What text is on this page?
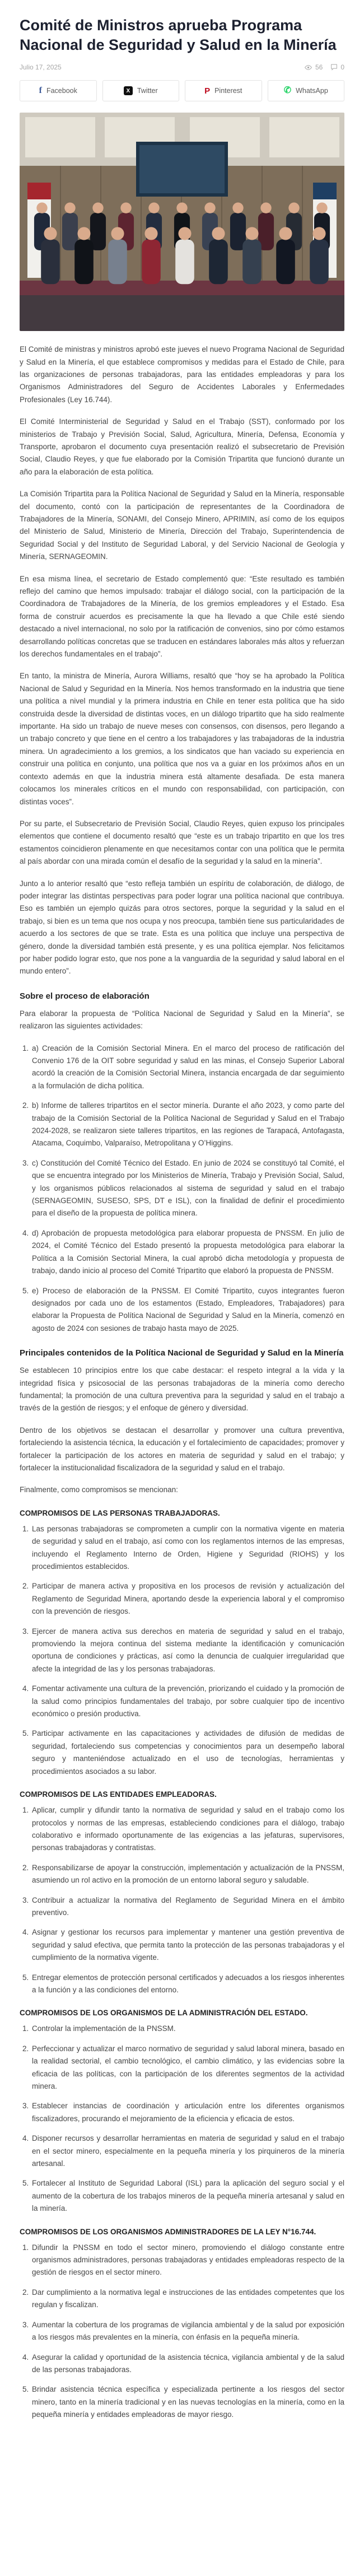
Comité de Ministros aprueba Programa Nacional de Seguridad y Salud en la Minería
Julio 17, 2025	56	0
f Facebook	X	Twitter	P Pinterest	✆ WhatsApp

El Comité de ministras y ministros aprobó este jueves el nuevo Programa Nacional de Seguridad y Salud en la Minería, el que establece compromisos y medidas para el Estado de Chile, para las organizaciones de personas trabajadoras, para las entidades empleadoras y para los Organismos Administradores del Seguro de Accidentes Laborales y Enfermedades Profesionales (Ley 16.744).

El Comité Interministerial de Seguridad y Salud en el Trabajo (SST), conformado por los ministerios de Trabajo y Previsión Social, Salud, Agricultura, Minería, Defensa, Economía y Transporte, aprobaron el documento cuya presentación realizó el subsecretario de Previsión Social, Claudio Reyes, y que fue elaborado por la Comisión Tripartita que funcionó durante un año para la elaboración de esta política.

La Comisión Tripartita para la Política Nacional de Seguridad y Salud en la Minería, responsable del documento, contó con la participación de representantes de la Coordinadora de Trabajadores de la Minería, SONAMI, del Consejo Minero, APRIMIN, así como de los equipos del Ministerio de Salud, Ministerio de Minería, Dirección del Trabajo, Superintendencia de Seguridad Social y del Instituto de Seguridad Laboral, y del Servicio Nacional de Geología y Minería, SERNAGEOMIN.

En esa misma línea, el secretario de Estado complementó que: “Este resultado es también reflejo del camino que hemos impulsado: trabajar el diálogo social, con la participación de la Coordinadora de Trabajadores de la Minería, de los gremios empleadores y el Estado. Esa forma de construir acuerdos es precisamente la que ha llevado a que Chile esté siendo destacado a nivel internacional, no solo por la ratificación de convenios, sino por cómo estamos desarrollando políticas concretas que se traducen en estándares laborales más altos y refuerzan los derechos fundamentales en el trabajo”.

En tanto, la ministra de Minería, Aurora Williams, resaltó que “hoy se ha aprobado la Política Nacional de Salud y Seguridad en la Minería. Nos hemos transformado en la industria que tiene una política a nivel mundial y la primera industria en Chile en tener esta política que ha sido construida desde la diversidad de distintas voces, en un diálogo tripartito que ha sido realmente importante. Ha sido un trabajo de nueve meses con consensos, con disensos, pero llegando a un trabajo concreto y que tiene en el centro a los trabajadores y las trabajadoras de la industria minera. Un agradecimiento a los gremios, a los sindicatos que han vaciado su experiencia en construir una política en conjunto, una política que nos va a guiar en los próximos años en un contexto además en que la industria minera está altamente desafiada. De esta manera colocamos los minerales críticos en el mundo con responsabilidad, con participación, con distintas voces”.

Por su parte, el Subsecretario de Previsión Social, Claudio Reyes, quien expuso los principales elementos que contiene el documento resaltó que “este es un trabajo tripartito en que los tres estamentos coincidieron plenamente en que necesitamos contar con una política que le permita al país abordar con una mirada común el desafío de la seguridad y la salud en la minería”.

Junto a lo anterior resaltó que “esto refleja también un espíritu de colaboración, de diálogo, de poder integrar las distintas perspectivas para poder lograr una política nacional que contribuya. Eso es también un ejemplo quizás para otros sectores, porque la seguridad y la salud en el trabajo, si bien es un tema que nos ocupa y nos preocupa, también tiene sus particularidades de acuerdo a los sectores de que se trate. Esta es una política que incluye una perspectiva de género, donde la diversidad también está presente, y es una política ejemplar. Nos felicitamos por haber podido lograr esto, que nos pone a la vanguardia de la seguridad y salud laboral en el mundo entero”.

Sobre el proceso de elaboración

Para elaborar la propuesta de “Política Nacional de Seguridad y Salud en la Minería”, se realizaron las siguientes actividades:

1. a) Creación de la Comisión Sectorial Minera. En el marco del proceso de ratificación del Convenio 176 de la OIT sobre seguridad y salud en las minas, el Consejo Superior Laboral acordó la creación de la Comisión Sectorial Minera, instancia encargada de dar seguimiento a la formulación de dicha política.
2. b) Informe de talleres tripartitos en el sector minería. Durante el año 2023, y como parte del trabajo de la Comisión Sectorial de la Política Nacional de Seguridad y Salud en el Trabajo 2024-2028, se realizaron siete talleres tripartitos, en las regiones de Tarapacá, Antofagasta, Atacama, Coquimbo, Valparaíso, Metropolitana y O’Higgins.
3. c) Constitución del Comité Técnico del Estado. En junio de 2024 se constituyó tal Comité, el que se encuentra integrado por los Ministerios de Minería, Trabajo y Previsión Social, Salud, y los organismos públicos relacionados al sistema de seguridad y salud en el trabajo (SERNAGEOMIN, SUSESO, SPS, DT e ISL), con la finalidad de definir el procedimiento para el diseño de la propuesta de política minera.
4. d) Aprobación de propuesta metodológica para elaborar propuesta de PNSSM. En julio de 2024, el Comité Técnico del Estado presentó la propuesta metodológica para elaborar la Política a la Comisión Sectorial Minera, la cual aprobó dicha metodología y propuesta de trabajo, dando inicio al proceso del Comité Tripartito que elaboró la propuesta de PNSSM.
5. e) Proceso de elaboración de la PNSSM. El Comité Tripartito, cuyos integrantes fueron designados por cada uno de los estamentos (Estado, Empleadores, Trabajadores) para elaborar la Propuesta de Política Nacional de Seguridad y Salud en la Minería, comenzó en agosto de 2024 con sesiones de trabajo hasta mayo de 2025.
Principales contenidos de la Política Nacional de Seguridad y Salud en la Minería

Se establecen 10 principios entre los que cabe destacar: el respeto integral a la vida y la integridad física y psicosocial de las personas trabajadoras de la minería como derecho fundamental; la promoción de una cultura preventiva para la seguridad y salud en el trabajo a través de la gestión de riesgos; y el enfoque de género y diversidad.

Dentro de los objetivos se destacan el desarrollar y promover una cultura preventiva, fortaleciendo la asistencia técnica, la educación y el fortalecimiento de capacidades; promover y fortalecer la participación de los actores en materia de seguridad y salud en el trabajo; y fortalecer la institucionalidad fiscalizadora de la seguridad y salud en el trabajo.

Finalmente, como compromisos se mencionan:

COMPROMISOS DE LAS PERSONAS TRABAJADORAS.
1. Las personas trabajadoras se comprometen a cumplir con la normativa vigente en materia de seguridad y salud en el trabajo, así como con los reglamentos internos de las empresas, incluyendo el Reglamento Interno de Orden, Higiene y Seguridad (RIOHS) y los procedimientos establecidos.
2. Participar de manera activa y propositiva en los procesos de revisión y actualización del Reglamento de Seguridad Minera, aportando desde la experiencia laboral y el compromiso con la prevención de riesgos.
3. Ejercer de manera activa sus derechos en materia de seguridad y salud en el trabajo, promoviendo la mejora continua del sistema mediante la identificación y comunicación oportuna de condiciones y prácticas, así como la denuncia de cualquier irregularidad que afecte la integridad de las y los personas trabajadoras.
4. Fomentar activamente una cultura de la prevención, priorizando el cuidado y la promoción de la salud como principios fundamentales del trabajo, por sobre cualquier tipo de incentivo económico o presión productiva.
5. Participar activamente en las capacitaciones y actividades de difusión de medidas de seguridad, fortaleciendo sus competencias y conocimientos para un desempeño laboral seguro y manteniéndose actualizado en el uso de tecnologías, herramientas y procedimientos asociados a su labor.
COMPROMISOS DE LAS ENTIDADES EMPLEADORAS.
1. Aplicar, cumplir y difundir tanto la normativa de seguridad y salud en el trabajo como los protocolos y normas de las empresas, estableciendo condiciones para el diálogo, trabajo colaborativo e informado oportunamente de las exigencias a las jefaturas, supervisores, personas trabajadoras y contratistas.
2. Responsabilizarse de apoyar la construcción, implementación y actualización de la PNSSM, asumiendo un rol activo en la promoción de un entorno laboral seguro y saludable.
3. Contribuir a actualizar la normativa del Reglamento de Seguridad Minera en el ámbito preventivo.
4. Asignar y gestionar los recursos para implementar y mantener una gestión preventiva de seguridad y salud efectiva, que permita tanto la protección de las personas trabajadoras y el cumplimiento de la normativa vigente.
5. Entregar elementos de protección personal certificados y adecuados a los riesgos inherentes a la función y a las condiciones del entorno.
COMPROMISOS DE LOS ORGANISMOS DE LA ADMINISTRACIÓN DEL ESTADO.
1. Controlar la implementación de la PNSSM.
2. Perfeccionar y actualizar el marco normativo de seguridad y salud laboral minera, basado en la realidad sectorial, el cambio tecnológico, el cambio climático, y las evidencias sobre la eficacia de las políticas, con la participación de los diferentes segmentos de la actividad minera.
3. Establecer instancias de coordinación y articulación entre los diferentes organismos fiscalizadores, procurando el mejoramiento de la eficiencia y eficacia de estos.
4. Disponer recursos y desarrollar herramientas en materia de seguridad y salud en el trabajo en el sector minero, especialmente en la pequeña minería y los pirquineros de la minería artesanal.
5. Fortalecer al Instituto de Seguridad Laboral (ISL) para la aplicación del seguro social y el aumento de la cobertura de los trabajos mineros de la pequeña minería artesanal y salud en la minería.
COMPROMISOS DE LOS ORGANISMOS ADMINISTRADORES DE LA LEY N°16.744.
1. Difundir la PNSSM en todo el sector minero, promoviendo el diálogo constante entre organismos administradores, personas trabajadoras y entidades empleadoras respecto de la gestión de riesgos en el sector minero.
2. Dar cumplimiento a la normativa legal e instrucciones de las entidades competentes que los regulan y fiscalizan.
3. Aumentar la cobertura de los programas de vigilancia ambiental y de la salud por exposición a los riesgos más prevalentes en la minería, con énfasis en la pequeña minería.
4. Asegurar la calidad y oportunidad de la asistencia técnica, vigilancia ambiental y de la salud de las personas trabajadoras.
5. Brindar asistencia técnica específica y especializada pertinente a los riesgos del sector minero, tanto en la minería tradicional y en las nuevas tecnologías en la minería, como en la pequeña minería y entidades empleadoras de mayor riesgo.
